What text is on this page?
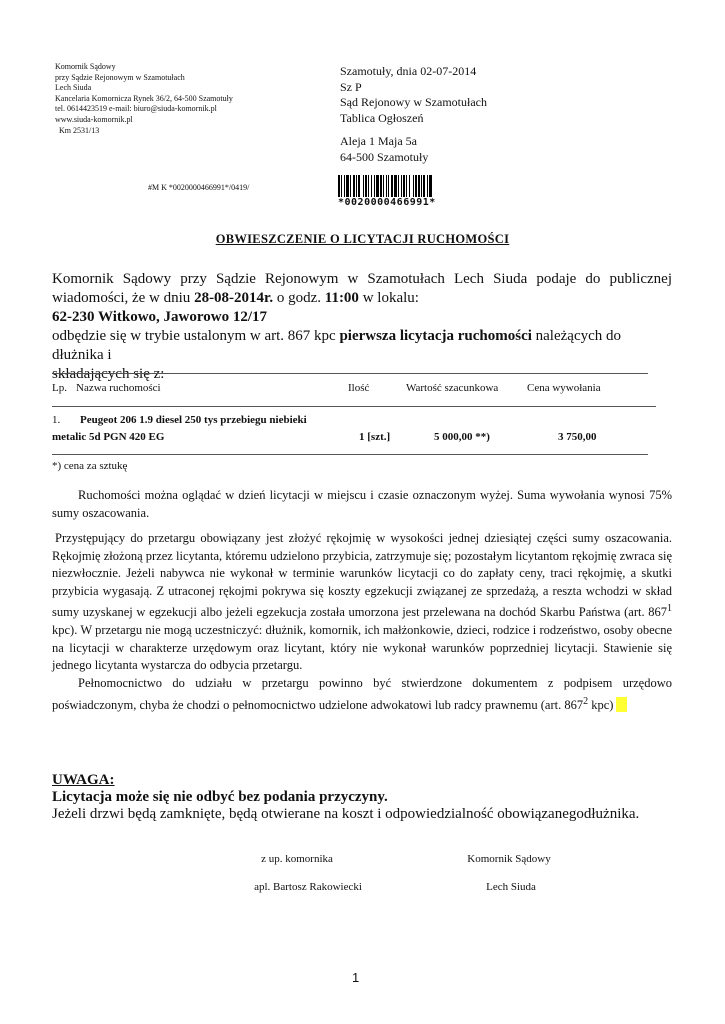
Komornik Sądowy
przy Sądzie Rejonowym w Szamotułach
Lech Siuda
Kancelaria Komornicza Rynek 36/2, 64-500 Szamotuły
tel. 0614423519 e-mail: biuro@siuda-komornik.pl
www.siuda-komornik.pl
Km 2531/13
Szamotuły, dnia 02-07-2014
Sz P
Sąd Rejonowy w Szamotułach
Tablica Ogłoszeń
Aleja 1 Maja 5a
64-500 Szamotuły
#M K *0020000466991*/0419/
*0020000466991*
OBWIESZCZENIE O LICYTACJI RUCHOMOŚCI

Komornik Sądowy przy Sądzie Rejonowym w Szamotułach Lech Siuda podaje do publicznej

wiadomości, że w dniu 28-08-2014r. o godz. 11:00 w lokalu:

62-230 Witkowo, Jaworowo 12/17

odbędzie się w trybie ustalonym w art. 867 kpc pierwsza licytacja ruchomości należących do dłużnika i

składających się z:

Lp. Nazwa ruchomości	Ilość	Wartość szacunkowa	Cena wywołania
1. Peugeot 206 1.9 diesel 250 tys przebiegu niebieki
metalic 5d PGN 420 EG	1 [szt.]	5 000,00 **)	3 750,00
*) cena za sztukę

Ruchomości można oglądać w dzień licytacji w miejscu i czasie oznaczonym wyżej. Suma wywołania wynosi 75% sumy oszacowania.

Przystępujący do przetargu obowiązany jest złożyć rękojmię w wysokości jednej dziesiątej części sumy oszacowania. Rękojmię złożoną przez licytanta, któremu udzielono przybicia, zatrzymuje się; pozostałym licytantom rękojmię zwraca się niezwłocznie. Jeżeli nabywca nie wykonał w terminie warunków licytacji co do zapłaty ceny, traci rękojmię, a skutki przybicia wygasają. Z utraconej rękojmi pokrywa się koszty egzekucji związanej ze sprzedażą, a reszta wchodzi w skład sumy uzyskanej w egzekucji albo jeżeli egzekucja została umorzona jest przelewana na dochód Skarbu Państwa (art. $867^1$ kpc). W przetargu nie mogą uczestniczyć: dłużnik, komornik, ich małżonkowie, dzieci, rodzice i rodzeństwo, osoby obecne na licytacji w charakterze urzędowym oraz licytant, który nie wykonał warunków poprzedniej licytacji. Stawienie się jednego licytanta wystarcza do odbycia przetargu.

Pełnomocnictwo do udziału w przetargu powinno być stwierdzone dokumentem z podpisem urzędowo poświadczonym, chyba że chodzi o pełnomocnictwo udzielone adwokatowi lub radcy prawnemu (art. $867^2$ kpc)

UWAGA:
Licytacja może się nie odbyć bez podania przyczyny.
Jeżeli drzwi będą zamknięte, będą otwierane na koszt i odpowiedzialność obowiązanegodłużnika.
z up. komornika
apl. Bartosz Rakowiecki
Komornik Sądowy
Lech Siuda
1
